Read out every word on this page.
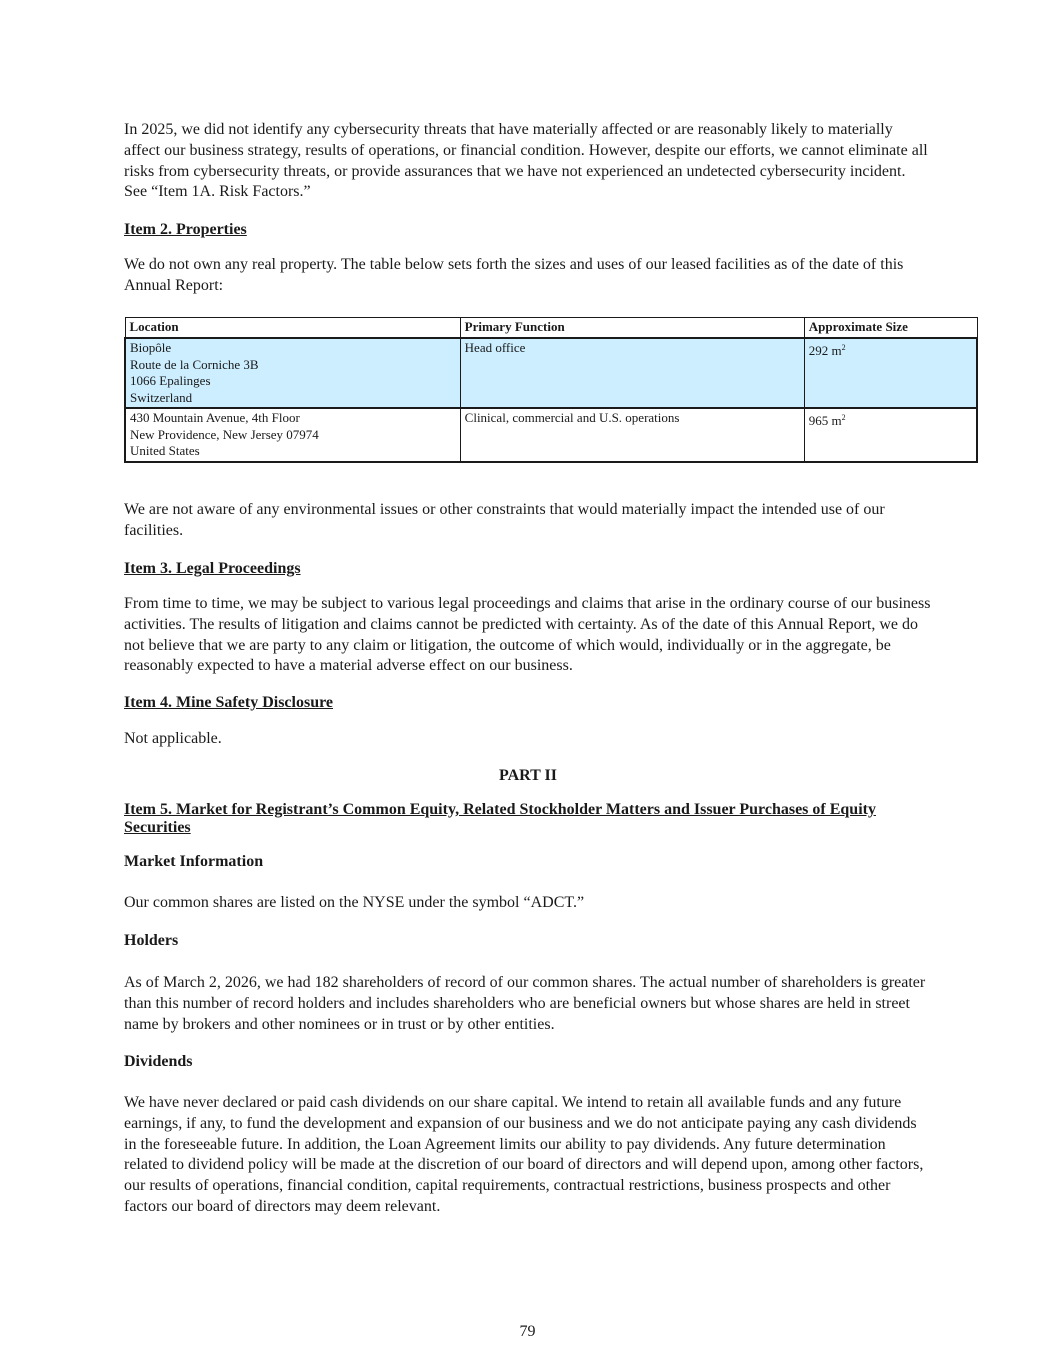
In 2025, we did not identify any cybersecurity threats that have materially affected or are reasonably likely to materially affect our business strategy, results of operations, or financial condition. However, despite our efforts, we cannot eliminate all risks from cybersecurity threats, or provide assurances that we have not experienced an undetected cybersecurity incident. See “Item 1A. Risk Factors.”

Item 2. Properties

We do not own any real property. The table below sets forth the sizes and uses of our leased facilities as of the date of this Annual Report:

Location	Primary Function	Approximate Size

Biopôle
Route de la Corniche 3B
1066 Epalinges
Switzerland	Head office	292 $m^2$

430 Mountain Avenue, 4th Floor
New Providence, New Jersey 07974
United States	Clinical, commercial and U.S. operations	965 $m^2$

We are not aware of any environmental issues or other constraints that would materially impact the intended use of our facilities.

Item 3. Legal Proceedings

From time to time, we may be subject to various legal proceedings and claims that arise in the ordinary course of our business activities. The results of litigation and claims cannot be predicted with certainty. As of the date of this Annual Report, we do not believe that we are party to any claim or litigation, the outcome of which would, individually or in the aggregate, be reasonably expected to have a material adverse effect on our business.

Item 4. Mine Safety Disclosure

Not applicable.

PART II

Item 5. Market for Registrant’s Common Equity, Related Stockholder Matters and Issuer Purchases of Equity Securities

Market Information

Our common shares are listed on the NYSE under the symbol “ADCT.”

Holders

As of March 2, 2026, we had 182 shareholders of record of our common shares. The actual number of shareholders is greater than this number of record holders and includes shareholders who are beneficial owners but whose shares are held in street name by brokers and other nominees or in trust or by other entities.

Dividends

We have never declared or paid cash dividends on our share capital. We intend to retain all available funds and any future earnings, if any, to fund the development and expansion of our business and we do not anticipate paying any cash dividends in the foreseeable future. In addition, the Loan Agreement limits our ability to pay dividends. Any future determination related to dividend policy will be made at the discretion of our board of directors and will depend upon, among other factors, our results of operations, financial condition, capital requirements, contractual restrictions, business prospects and other factors our board of directors may deem relevant.

79
